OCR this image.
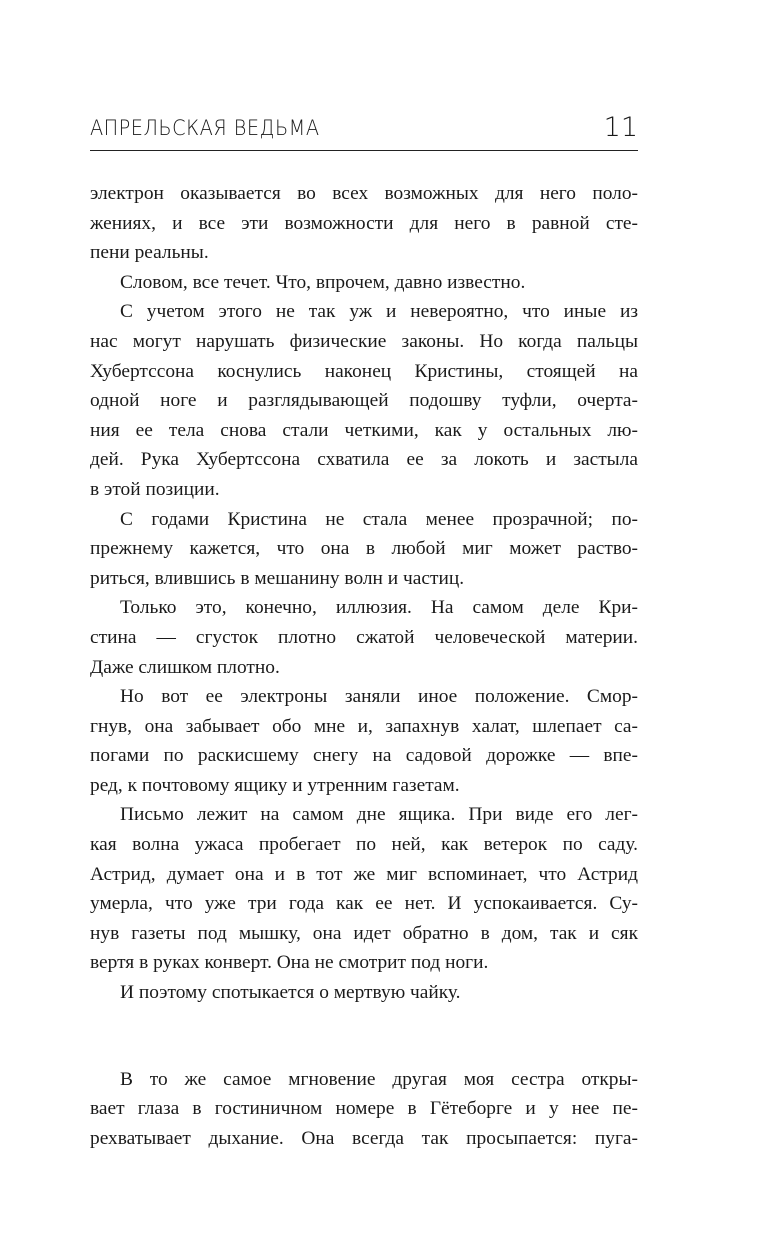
АПРЕЛЬСКАЯ ВЕДЬМА	11
электрон оказывается во всех возможных для него поло-
жениях, и все эти возможности для него в равной сте-
пени реальны.
Словом, все течет. Что, впрочем, давно известно.
С учетом этого не так уж и невероятно, что иные из
нас могут нарушать физические законы. Но когда пальцы
Хубертссона коснулись наконец Кристины, стоящей на
одной ноге и разглядывающей подошву туфли, очерта-
ния ее тела снова стали четкими, как у остальных лю-
дей. Рука Хубертссона схватила ее за локоть и застыла
в этой позиции.
С годами Кристина не стала менее прозрачной; по-
прежнему кажется, что она в любой миг может раство-
риться, влившись в мешанину волн и частиц.
Только это, конечно, иллюзия. На самом деле Кри-
стина — сгусток плотно сжатой человеческой материи.
Даже слишком плотно.
Но вот ее электроны заняли иное положение. Смор-
гнув, она забывает обо мне и, запахнув халат, шлепает са-
погами по раскисшему снегу на садовой дорожке — впе-
ред, к почтовому ящику и утренним газетам.
Письмо лежит на самом дне ящика. При виде его лег-
кая волна ужаса пробегает по ней, как ветерок по саду.
Астрид, думает она и в тот же миг вспоминает, что Астрид
умерла, что уже три года как ее нет. И успокаивается. Су-
нув газеты под мышку, она идет обратно в дом, так и сяк
вертя в руках конверт. Она не смотрит под ноги.
И поэтому спотыкается о мертвую чайку.
В то же самое мгновение другая моя сестра откры-
вает глаза в гостиничном номере в Гётеборге и у нее пе-
рехватывает дыхание. Она всегда так просыпается: пуга-
